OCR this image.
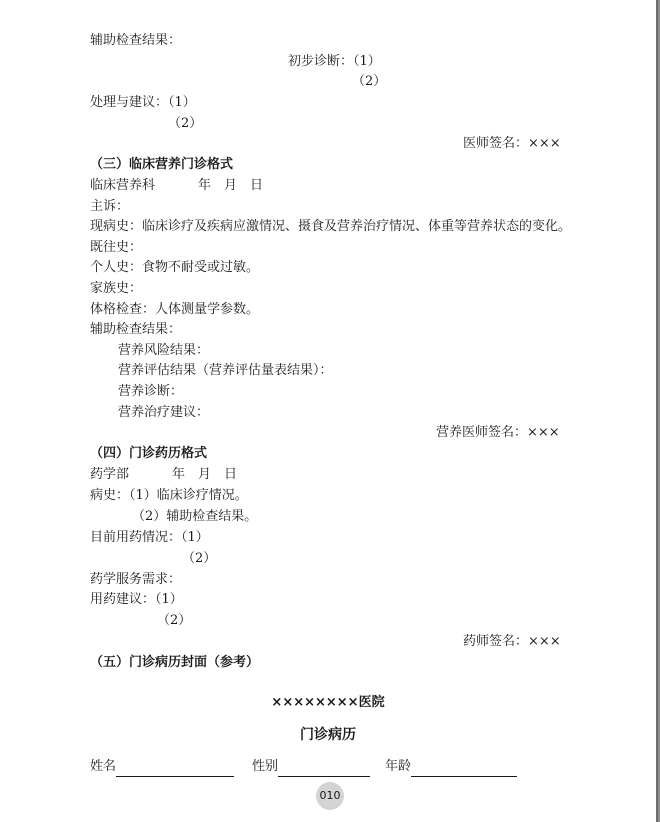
辅助检查结果：
初步诊断：（1）
（2）
处理与建议：（1）
（2）
医师签名：×××
（三）临床营养门诊格式
临床营养科	年　月　日
主诉：
现病史：临床诊疗及疾病应激情况、摄食及营养治疗情况、体重等营养状态的变化。
既往史：
个人史：食物不耐受或过敏。
家族史：
体格检查：人体测量学参数。
辅助检查结果：
营养风险结果：
营养评估结果（营养评估量表结果）：
营养诊断：
营养治疗建议：
营养医师签名：×××
（四）门诊药历格式
药学部	年　月　日
病史：（1）临床诊疗情况。
（2）辅助检查结果。
目前用药情况：（1）
（2）
药学服务需求：
用药建议：（1）
（2）
药师签名：×××
（五）门诊病历封面（参考）
××××××××医院
门诊病历
姓名	性别	年龄
010
